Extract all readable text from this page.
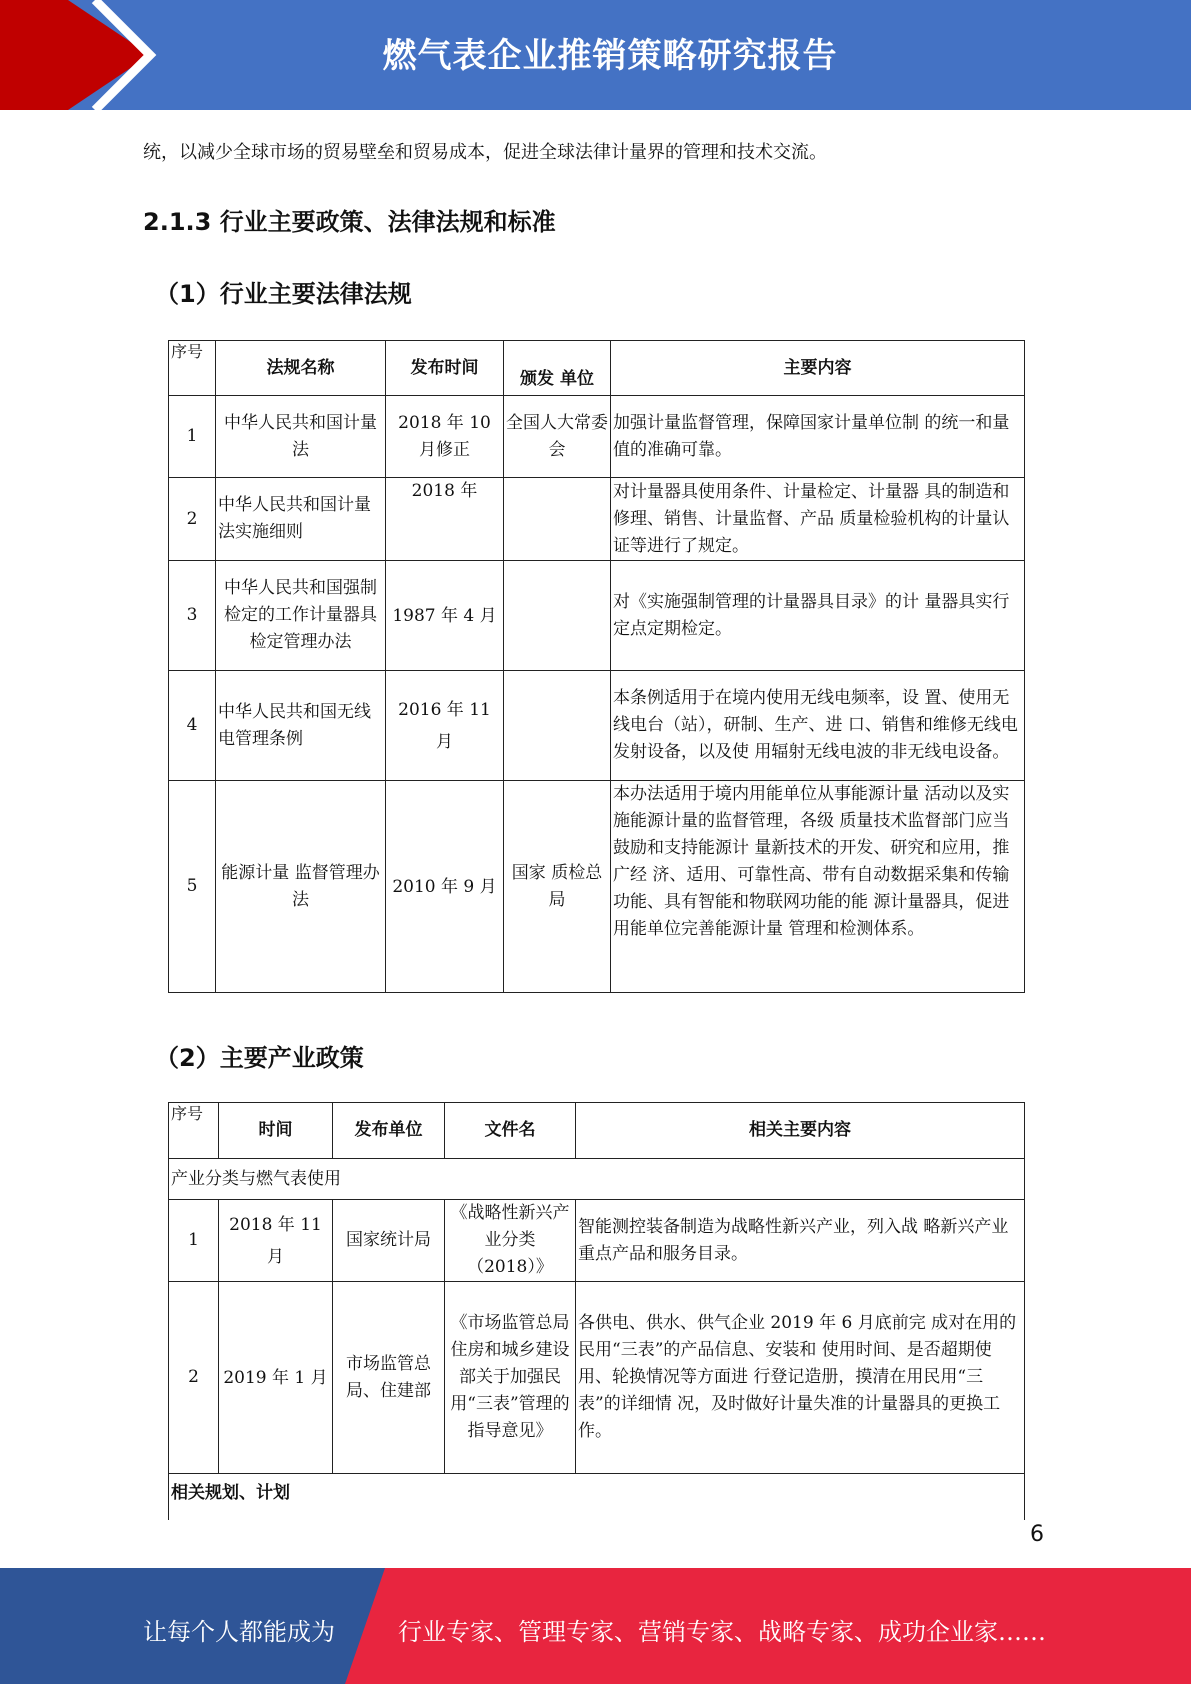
燃气表企业推销策略研究报告
统，以减少全球市场的贸易壁垒和贸易成本，促进全球法律计量界的管理和技术交流。
2.1.3 行业主要政策、法律法规和标准
（1）行业主要法律法规
序号	法规名称	发布时间	颁发 单位	主要内容
1	中华人民共和国计量法	2018 年 10 月修正	全国人大常委会	加强计量监督管理，保障国家计量单位制 的统一和量值的准确可靠。
2	中华人民共和国计量法实施细则	2018 年		对计量器具使用条件、计量检定、计量器 具的制造和修理、销售、计量监督、产品 质量检验机构的计量认证等进行了规定。
3	中华人民共和国强制检定的工作计量器具检定管理办法	1987 年 4 月		对《实施强制管理的计量器具目录》的计 量器具实行定点定期检定。
4	中华人民共和国无线电管理条例	2016 年 11 月		本条例适用于在境内使用无线电频率，设 置、使用无线电台（站），研制、生产、进 口、销售和维修无线电发射设备，以及使 用辐射无线电波的非无线电设备。
5	能源计量 监督管理办法	2010 年 9 月	国家 质检总局	本办法适用于境内用能单位从事能源计量 活动以及实施能源计量的监督管理，各级 质量技术监督部门应当鼓励和支持能源计 量新技术的开发、研究和应用，推广经 济、适用、可靠性高、带有自动数据采集和传输功能、具有智能和物联网功能的能 源计量器具，促进用能单位完善能源计量 管理和检测体系。
（2）主要产业政策
序号	时间	发布单位	文件名	相关主要内容
产业分类与燃气表使用				
1	2018 年 11 月	国家统计局	《战略性新兴产业分类（2018）》	智能测控装备制造为战略性新兴产业，列入战 略新兴产业重点产品和服务目录。
2	2019 年 1 月	市场监管总局、住建部	《市场监管总局住房和城乡建设部关于加强民用“三表”管理的指导意见》	各供电、供水、供气企业 2019 年 6 月底前完 成对在用的民用“三表”的产品信息、安装和 使用时间、是否超期使用、轮换情况等方面进 行登记造册，摸清在用民用“三表”的详细情 况，及时做好计量失准的计量器具的更换工 作。
相关规划、计划				
6
让每个人都能成为	行业专家、管理专家、营销专家、战略专家、成功企业家……
